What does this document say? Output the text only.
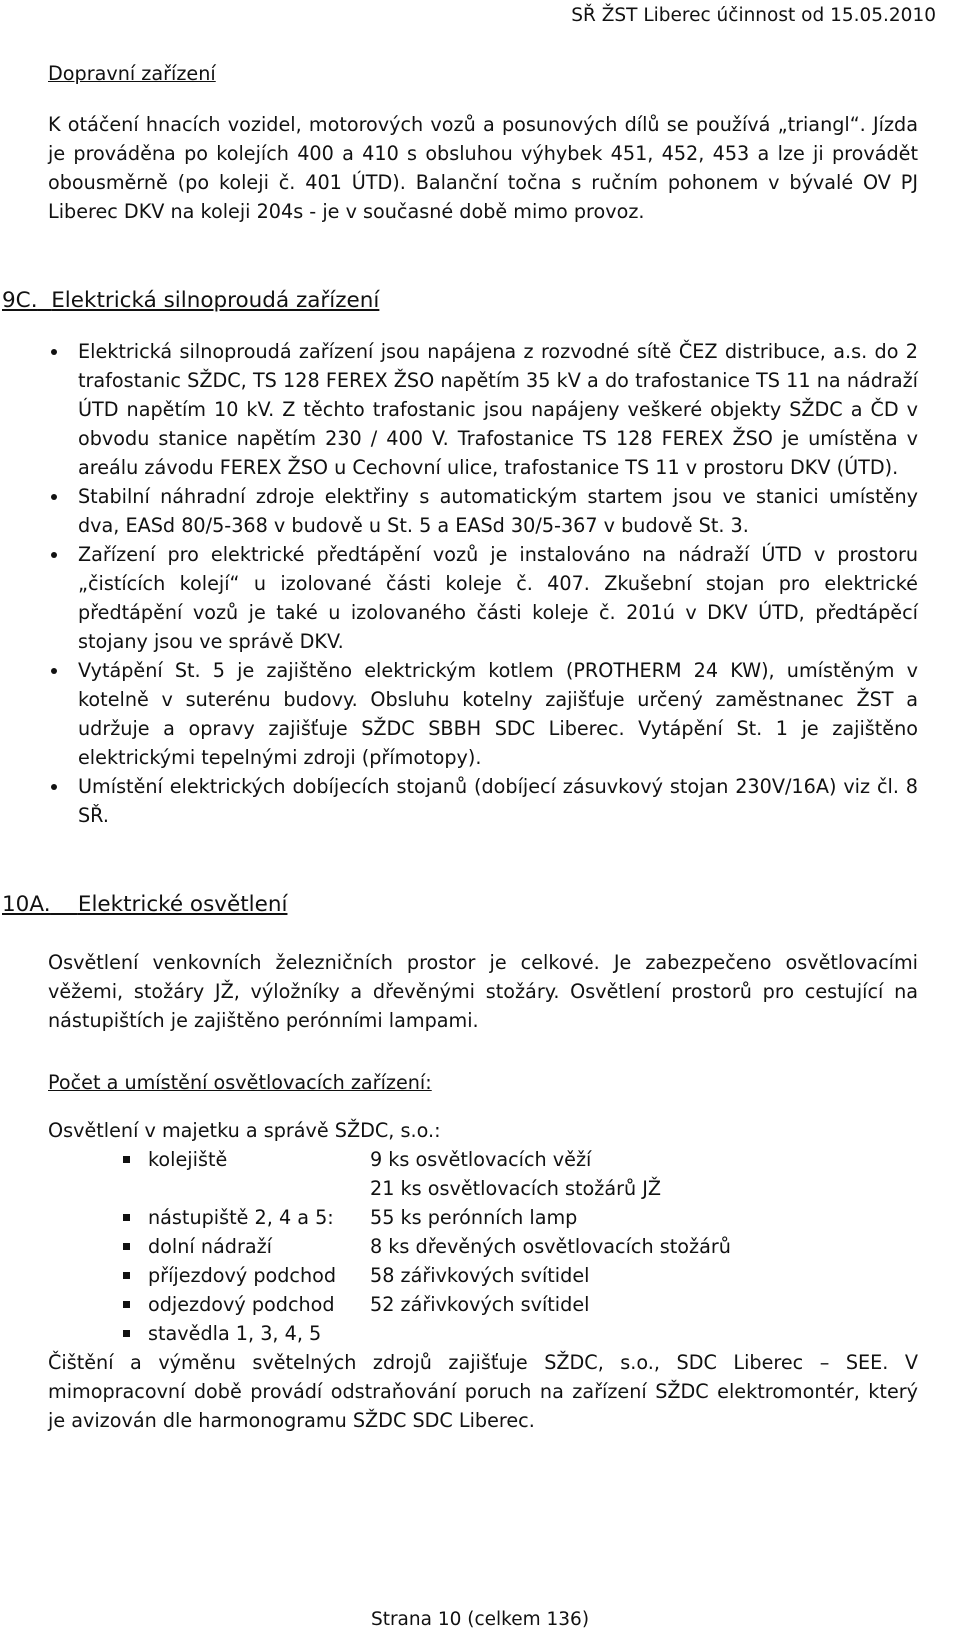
SŘ ŽST Liberec účinnost od 15.05.2010

Dopravní zařízení

K otáčení hnacích vozidel, motorových vozů a posunových dílů se používá „triangl“. Jízda je prováděna po kolejích 400 a 410 s obsluhou výhybek 451, 452, 453 a lze ji provádět obousměrně (po koleji č. 401 ÚTD). Balanční točna s ručním pohonem v bývalé OV PJ Liberec DKV na koleji 204s - je v současné době mimo provoz.

9C. Elektrická silnoproudá zařízení

Elektrická silnoproudá zařízení jsou napájena z rozvodné sítě ČEZ distribuce, a.s. do 2 trafostanic SŽDC, TS 128 FEREX ŽSO napětím 35 kV a do trafostanice TS 11 na nádraží ÚTD napětím 10 kV. Z těchto trafostanic jsou napájeny veškeré objekty SŽDC a ČD v obvodu stanice napětím 230 / 400 V. Trafostanice TS 128 FEREX ŽSO je umístěna v areálu závodu FEREX ŽSO u Cechovní ulice, trafostanice TS 11 v prostoru DKV (ÚTD).
Stabilní náhradní zdroje elektřiny s automatickým startem jsou ve stanici umístěny dva, EASd 80/5-368 v budově u St. 5 a EASd 30/5-367 v budově St. 3.
Zařízení pro elektrické předtápění vozů je instalováno na nádraží ÚTD v prostoru „čistících kolejí“ u izolované části koleje č. 407. Zkušební stojan pro elektrické předtápění vozů je také u izolovaného části koleje č. 201ú v DKV ÚTD, předtápěcí stojany jsou ve správě DKV.
Vytápění St. 5 je zajištěno elektrickým kotlem (PROTHERM 24 KW), umístěným v kotelně v suterénu budovy. Obsluhu kotelny zajišťuje určený zaměstnanec ŽST a udržuje a opravy zajišťuje SŽDC SBBH SDC Liberec. Vytápění St. 1 je zajištěno elektrickými tepelnými zdroji (přímotopy).
Umístění elektrických dobíjecích stojanů (dobíjecí zásuvkový stojan 230V/16A) viz čl. 8 SŘ.

10A. Elektrické osvětlení

Osvětlení venkovních železničních prostor je celkové. Je zabezpečeno osvětlovacími věžemi, stožáry JŽ, výložníky a dřevěnými stožáry. Osvětlení prostorů pro cestující na nástupištích je zajištěno perónními lampami.

Počet a umístění osvětlovacích zařízení:

Osvětlení v majetku a správě SŽDC, s.o.:

kolejiště	9 ks osvětlovacích věží
21 ks osvětlovacích stožárů JŽ
nástupiště 2, 4 a 5:	55 ks perónních lamp
dolní nádraží	8 ks dřevěných osvětlovacích stožárů
příjezdový podchod	58 zářivkových svítidel
odjezdový podchod	52 zářivkových svítidel
stavědla 1, 3, 4, 5

Čištění a výměnu světelných zdrojů zajišťuje SŽDC, s.o., SDC Liberec – SEE. V mimopracovní době provádí odstraňování poruch na zařízení SŽDC elektromontér, který je avizován dle harmonogramu SŽDC SDC Liberec.

Strana 10 (celkem 136)
